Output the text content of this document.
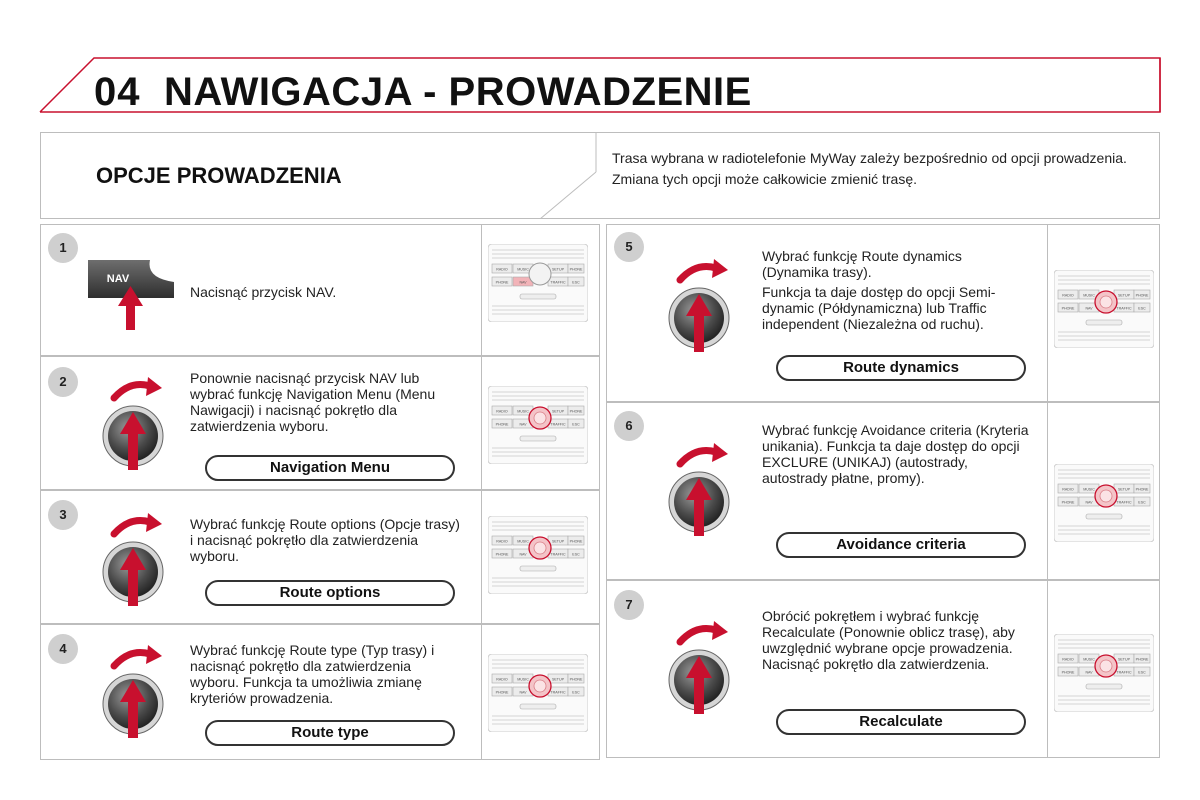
04 NAWIGACJA - PROWADZENIE
OPCJE PROWADZENIA

Trasa wybrana w radiotelefonie MyWay zależy bezpośrednio od opcji prowadzenia.

Zmiana tych opcji może całkowicie zmienić trasę.

1
NAV

Nacisnąć przycisk NAV.

RADIO	MUSIC	SETUP PHONE
PHONE	NAV	TRAFFIC ESC
2	Ponownie nacisnąć przycisk NAV lub wybrać funkcję Navigation Menu (Menu Nawigacji) i nacisnąć pokrętło dla zatwierdzenia wyboru.

Navigation Menu
RADIO	MUSIC	SETUP PHONE
PHONE	NAV	TRAFFIC ESC
3

Wybrać funkcję Route options (Opcje trasy) i nacisnąć pokrętło dla zatwierdzenia wyboru.

Route options
RADIO	MUSIC	SETUP PHONE
PHONE	NAV	TRAFFIC ESC
4	Wybrać funkcję Route type (Typ trasy) i nacisnąć pokrętło dla zatwierdzenia wyboru. Funkcja ta umożliwia zmianę kryteriów prowadzenia.

Route type
RADIO	MUSIC	SETUP PHONE
PHONE	NAV	TRAFFIC ESC
5

Wybrać funkcję Route dynamics (Dynamika trasy).

Funkcja ta daje dostęp do opcji Semi-dynamic (Półdynamiczna) lub Traffic independent (Niezależna od ruchu).

Route dynamics
RADIO	MUSIC	SETUP PHONE
PHONE	NAV	TRAFFIC ESC
6	Wybrać funkcję Avoidance criteria (Kryteria unikania). Funkcja ta daje dostęp do opcji EXCLURE (UNIKAJ) (autostrady, autostrady płatne, promy).

Avoidance criteria
RADIO	MUSIC	SETUP PHONE
PHONE	NAV	TRAFFIC ESC
7

Obrócić pokrętłem i wybrać funkcję Recalculate (Ponownie oblicz trasę), aby uwzględnić wybrane opcje prowadzenia. Nacisnąć pokrętło dla zatwierdzenia.

Recalculate
RADIO	MUSIC	SETUP PHONE
PHONE	NAV	TRAFFIC ESC
